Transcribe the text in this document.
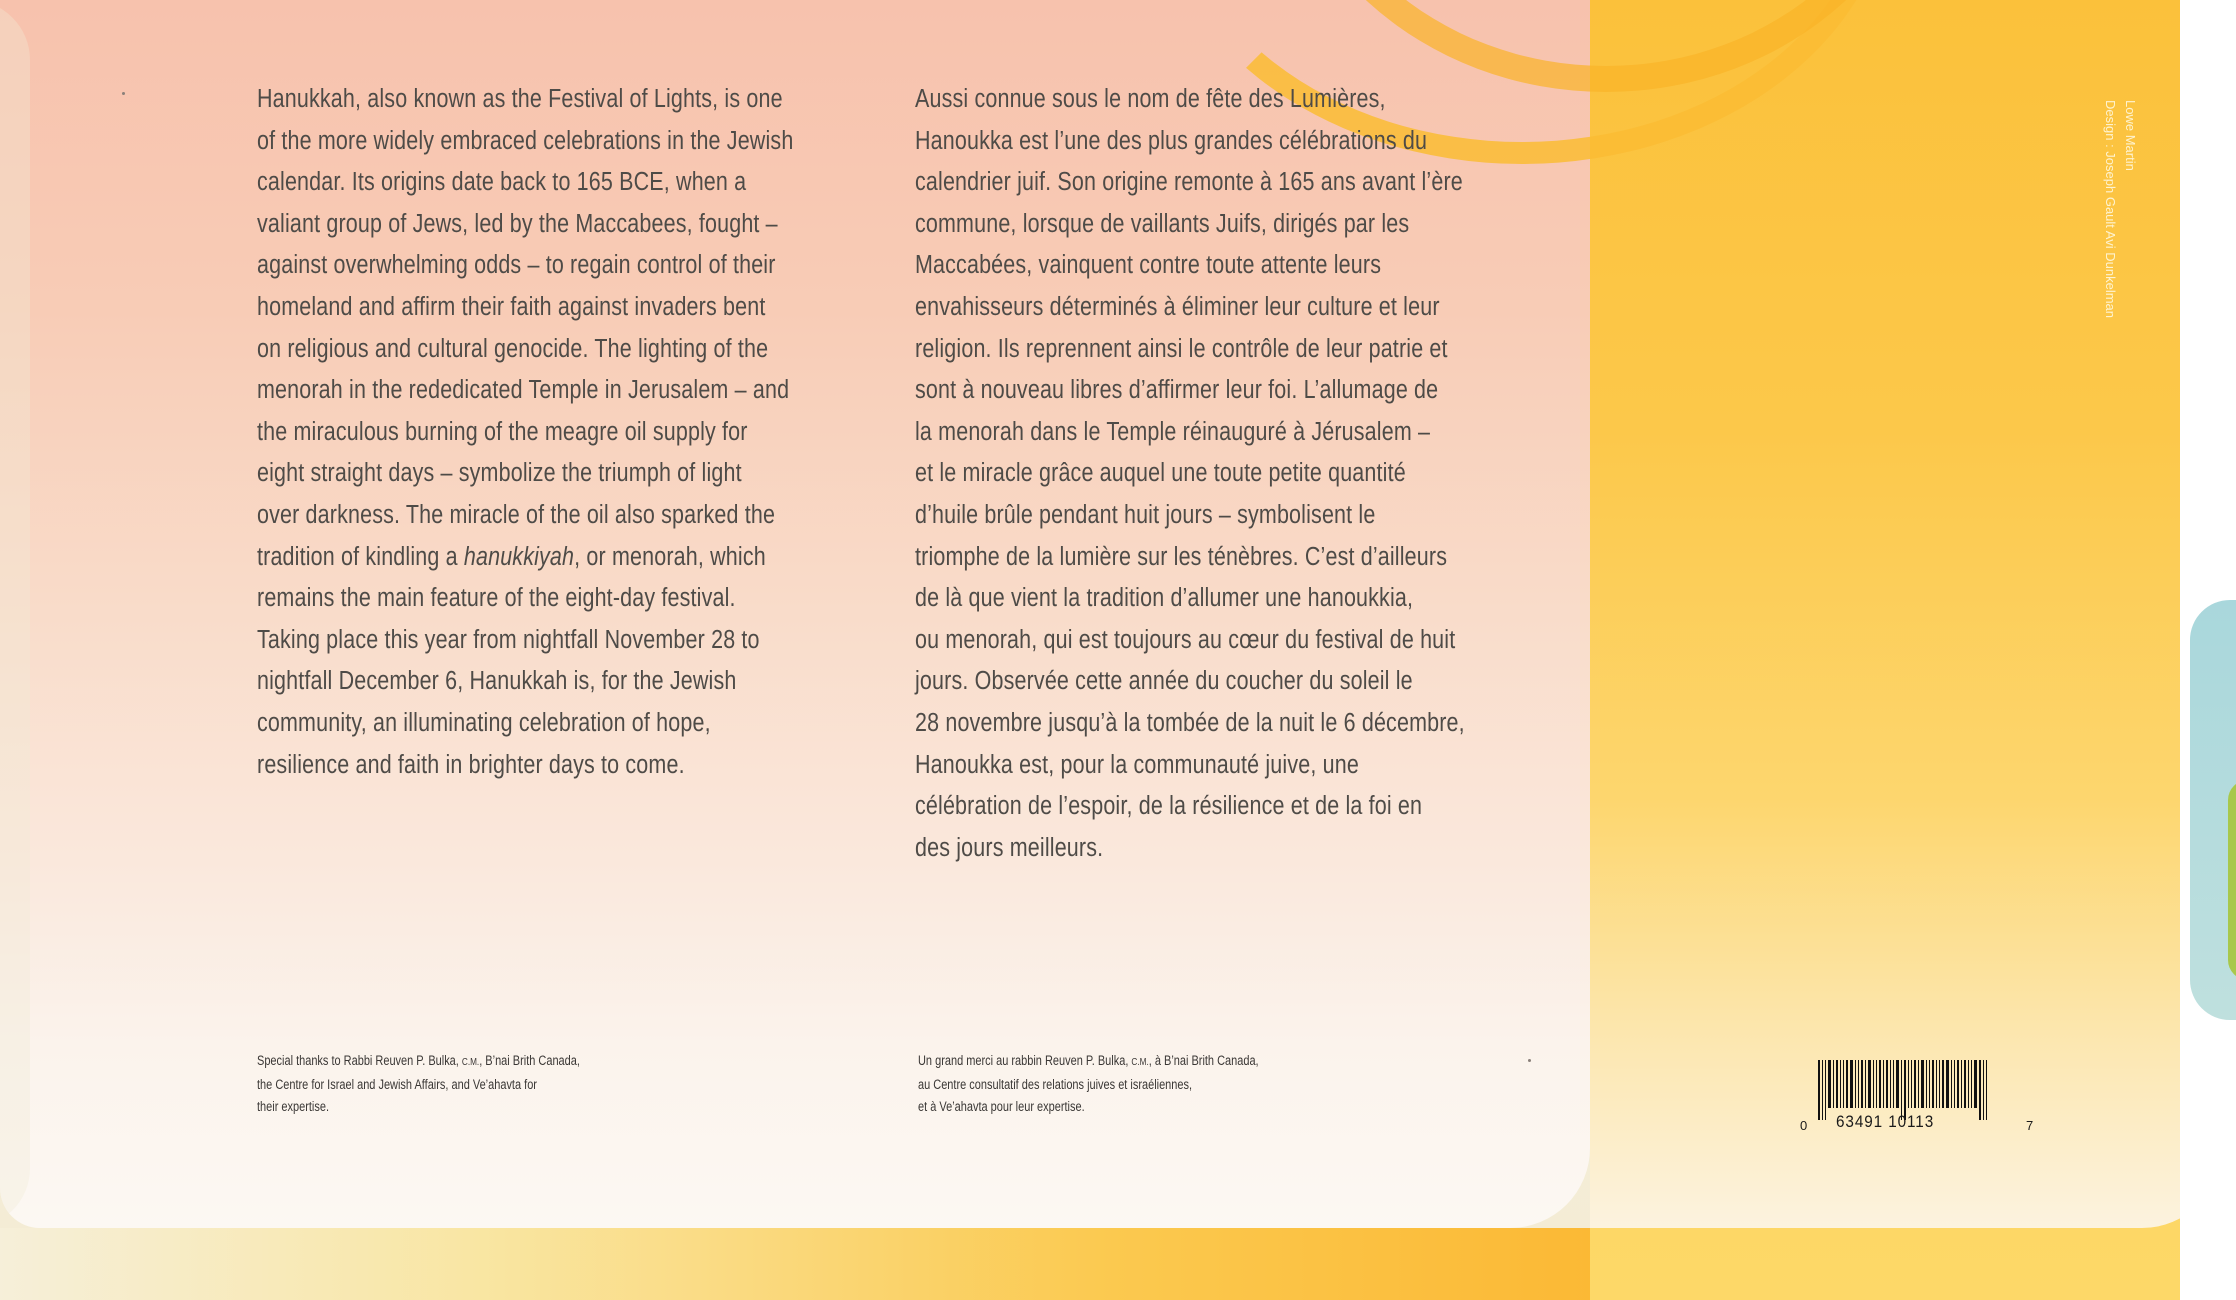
Hanukkah, also known as the Festival of Lights, is one
of the more widely embraced celebrations in the Jewish
calendar. Its origins date back to 165 BCE, when a
valiant group of Jews, led by the Maccabees, fought –
against overwhelming odds – to regain control of their
homeland and affirm their faith against invaders bent
on religious and cultural genocide. The lighting of the
menorah in the rededicated Temple in Jerusalem – and
the miraculous burning of the meagre oil supply for
eight straight days – symbolize the triumph of light
over darkness. The miracle of the oil also sparked the
tradition of kindling a hanukkiyah, or menorah, which
remains the main feature of the eight-day festival.
Taking place this year from nightfall November 28 to
nightfall December 6, Hanukkah is, for the Jewish
community, an illuminating celebration of hope,
resilience and faith in brighter days to come.
Aussi connue sous le nom de fête des Lumières,
Hanoukka est l’une des plus grandes célébrations du
calendrier juif. Son origine remonte à 165 ans avant l’ère
commune, lorsque de vaillants Juifs, dirigés par les
Maccabées, vainquent contre toute attente leurs
envahisseurs déterminés à éliminer leur culture et leur
religion. Ils reprennent ainsi le contrôle de leur patrie et
sont à nouveau libres d’affirmer leur foi. L’allumage de
la menorah dans le Temple réinauguré à Jérusalem –
et le miracle grâce auquel une toute petite quantité
d’huile brûle pendant huit jours – symbolisent le
triomphe de la lumière sur les ténèbres. C’est d’ailleurs
de là que vient la tradition d’allumer une hanoukkia,
ou menorah, qui est toujours au cœur du festival de huit
jours. Observée cette année du coucher du soleil le
28 novembre jusqu’à la tombée de la nuit le 6 décembre,
Hanoukka est, pour la communauté juive, une
célébration de l’espoir, de la résilience et de la foi en
des jours meilleurs.
Special thanks to Rabbi Reuven P. Bulka, C.M., B’nai Brith Canada,
the Centre for Israel and Jewish Affairs, and Ve’ahavta for
their expertise.
Un grand merci au rabbin Reuven P. Bulka, C.M., à B’nai Brith Canada,
au Centre consultatif des relations juives et israéliennes,
et à Ve’ahavta pour leur expertise.
Lowe Martin
Design : Joseph Gault Avi Dunkelman
0 63491 10113	7
